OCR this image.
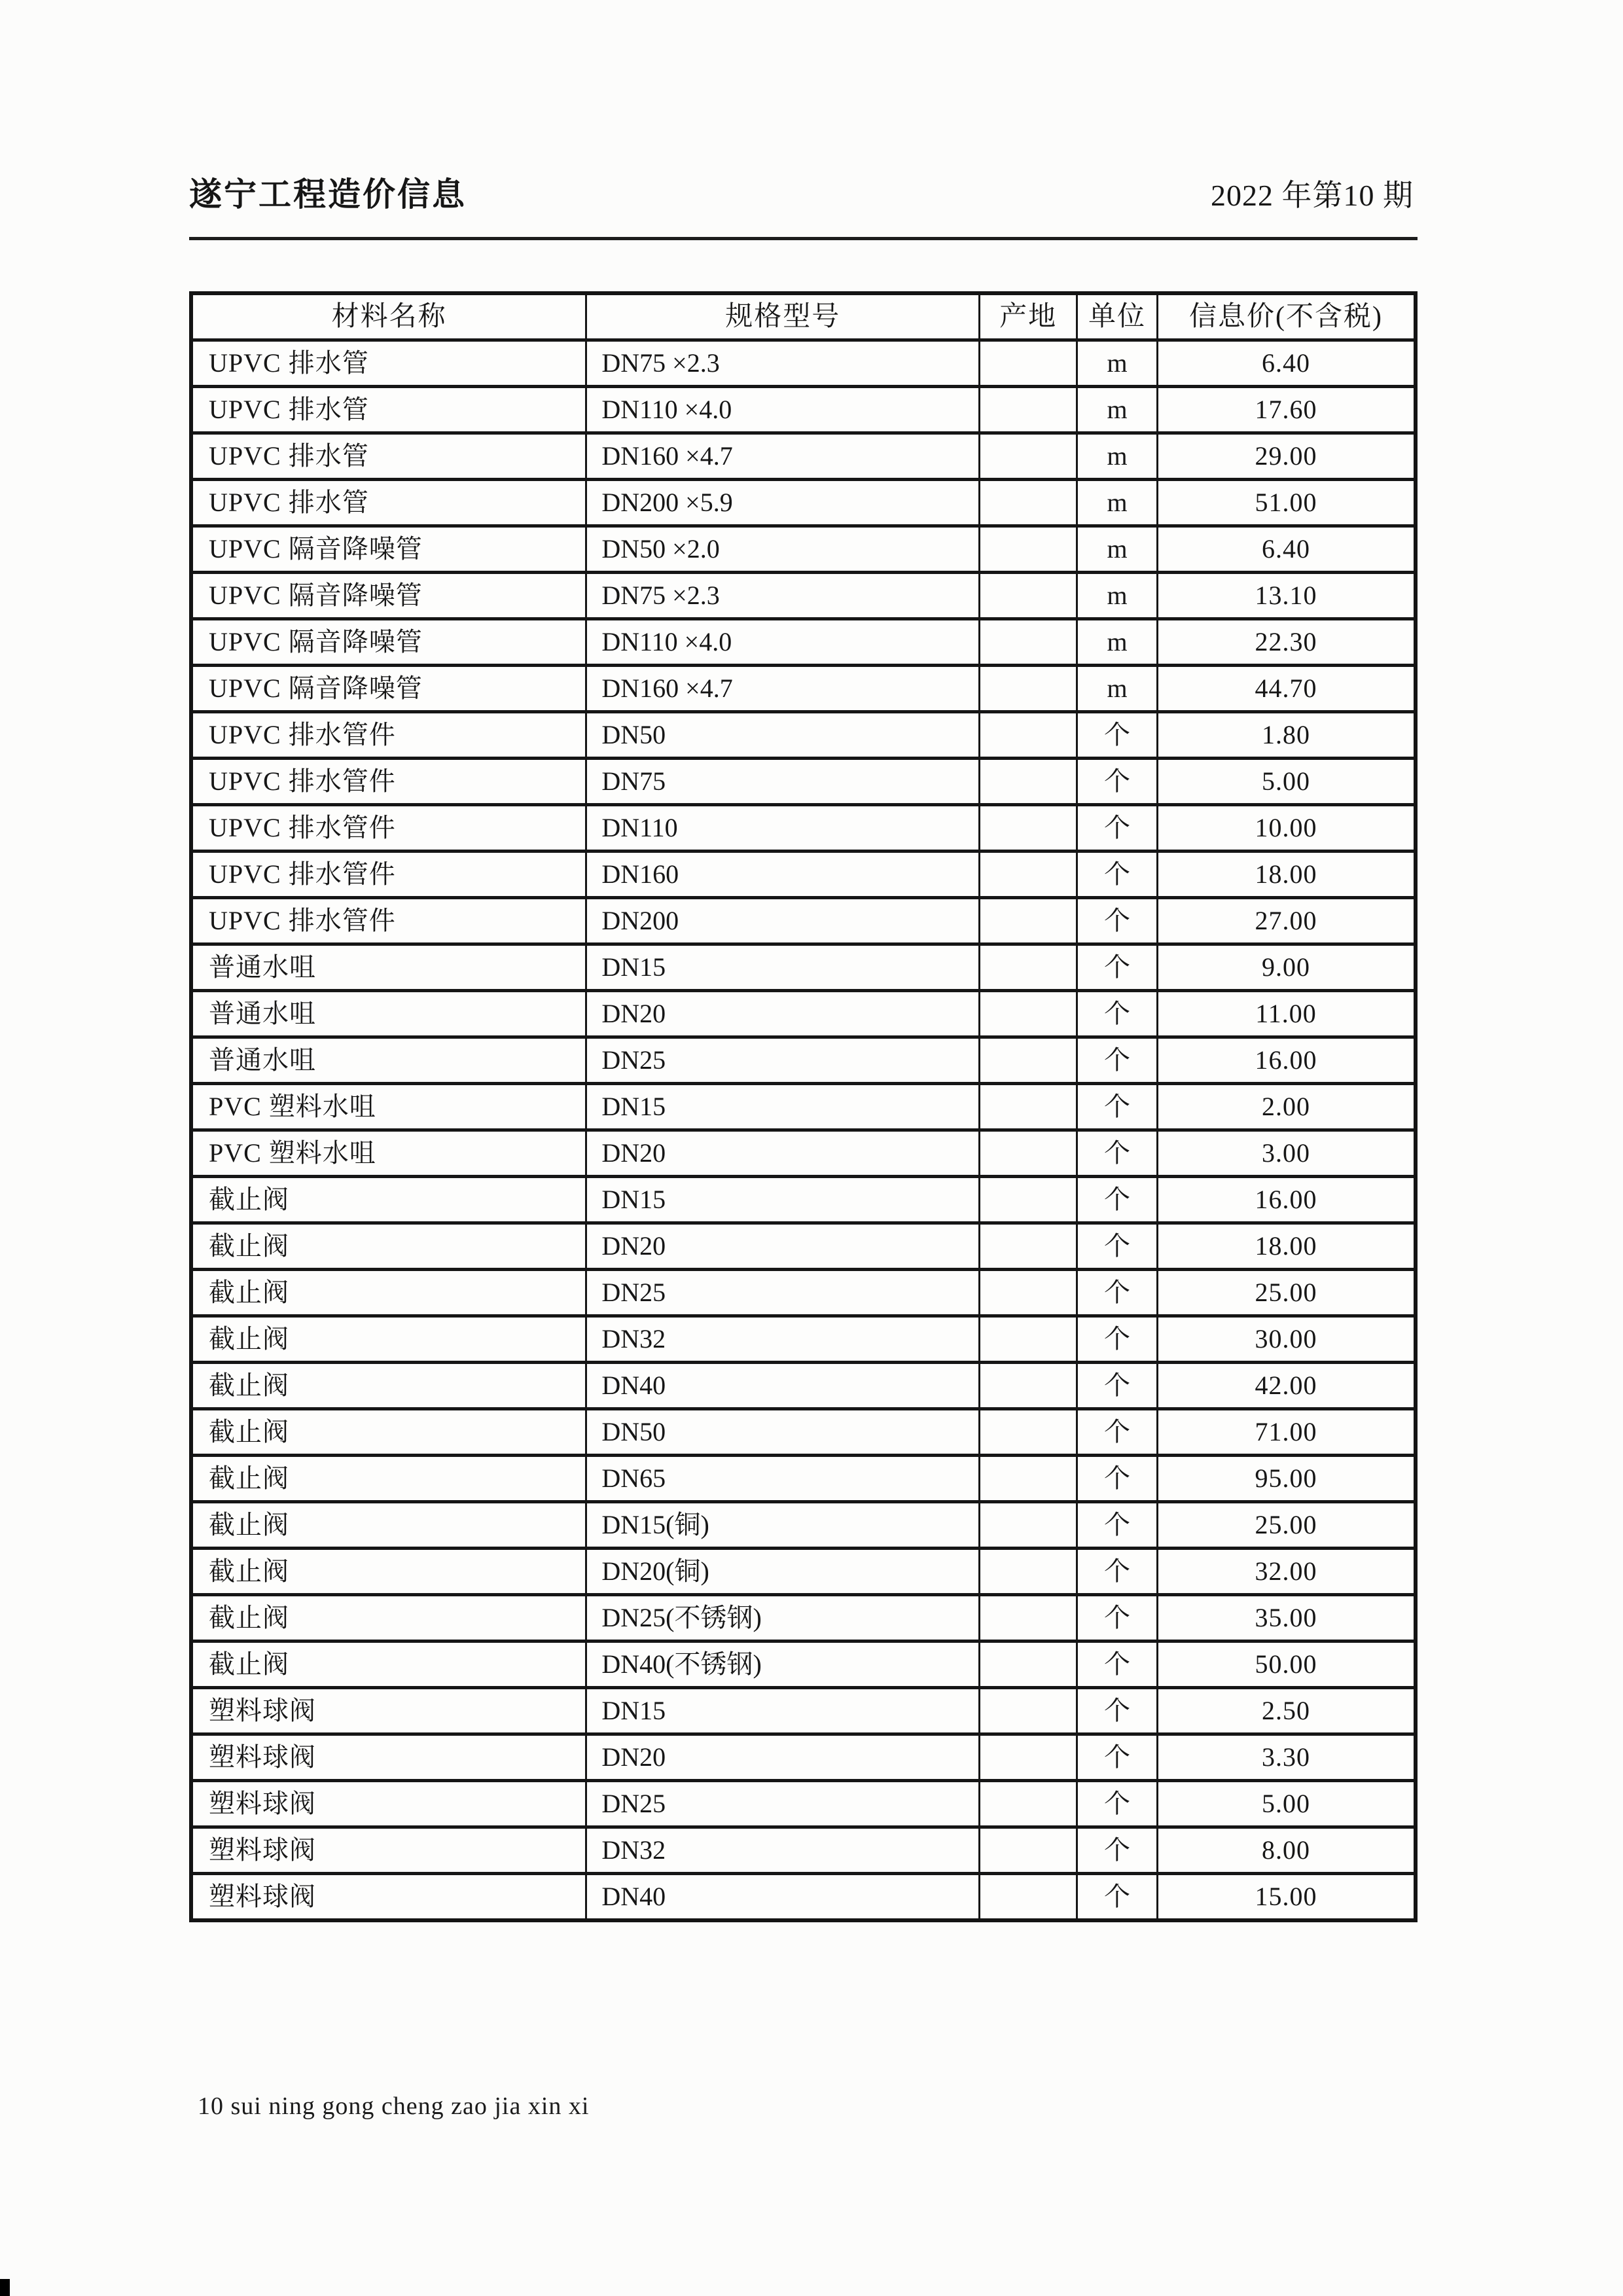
遂宁工程造价信息	2022 年第10 期
材料名称	规格型号	产地	单位	信息价(不含税)
UPVC 排水管	DN75 ×2.3		m	6.40
UPVC 排水管	DN110 ×4.0		m	17.60
UPVC 排水管	DN160 ×4.7		m	29.00
UPVC 排水管	DN200 ×5.9		m	51.00
UPVC 隔音降噪管	DN50 ×2.0		m	6.40
UPVC 隔音降噪管	DN75 ×2.3		m	13.10
UPVC 隔音降噪管	DN110 ×4.0		m	22.30
UPVC 隔音降噪管	DN160 ×4.7		m	44.70
UPVC 排水管件	DN50		个	1.80
UPVC 排水管件	DN75		个	5.00
UPVC 排水管件	DN110		个	10.00
UPVC 排水管件	DN160		个	18.00
UPVC 排水管件	DN200		个	27.00
普通水咀	DN15		个	9.00
普通水咀	DN20		个	11.00
普通水咀	DN25		个	16.00
PVC 塑料水咀	DN15		个	2.00
PVC 塑料水咀	DN20		个	3.00
截止阀	DN15		个	16.00
截止阀	DN20		个	18.00
截止阀	DN25		个	25.00
截止阀	DN32		个	30.00
截止阀	DN40		个	42.00
截止阀	DN50		个	71.00
截止阀	DN65		个	95.00
截止阀	DN15(铜)		个	25.00
截止阀	DN20(铜)		个	32.00
截止阀	DN25(不锈钢)		个	35.00
截止阀	DN40(不锈钢)		个	50.00
塑料球阀	DN15		个	2.50
塑料球阀	DN20		个	3.30
塑料球阀	DN25		个	5.00
塑料球阀	DN32		个	8.00
塑料球阀	DN40		个	15.00
10 sui ning gong cheng zao jia xin xi
